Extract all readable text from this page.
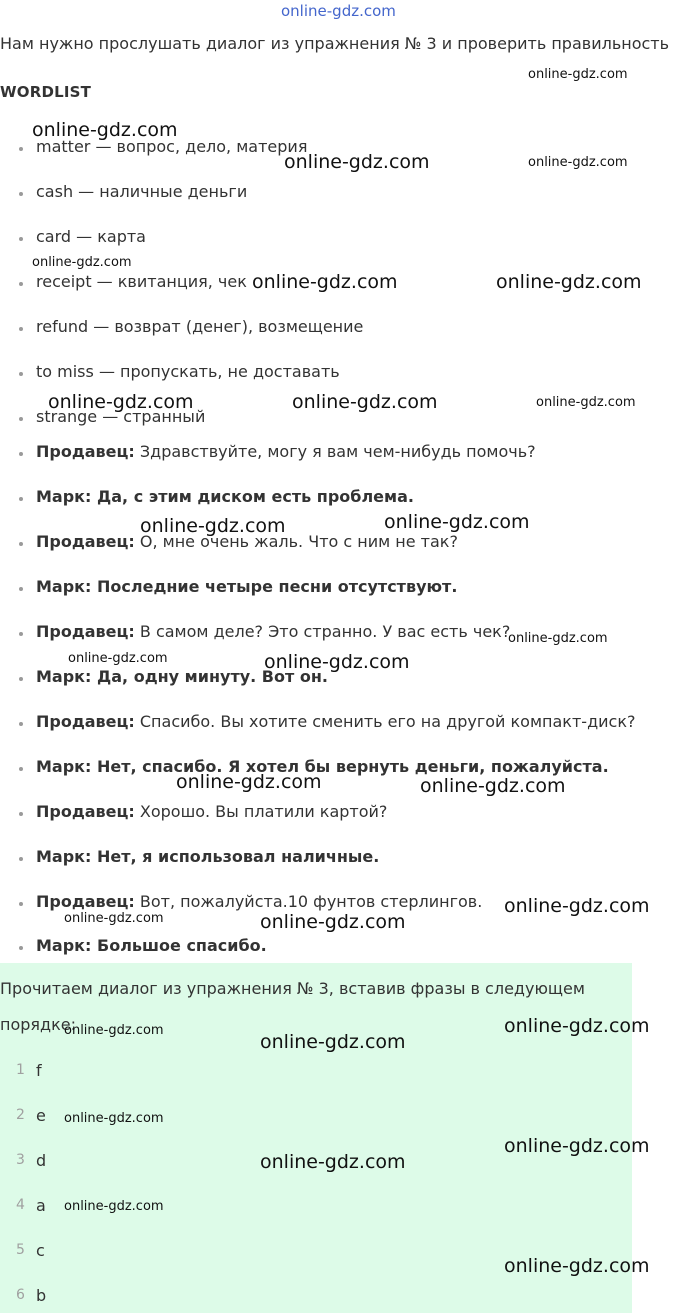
online-gdz.com
Нам нужно прослушать диалог из упражнения № 3 и проверить правильность
WORDLIST
matter — вопрос, дело, материя
cash — наличные деньги
card — карта
receipt — квитанция, чек
refund — возврат (денег), возмещение
to miss — пропускать, не доставать
strange — странный
Продавец: Здравствуйте, могу я вам чем-нибудь помочь?
Марк: Да, с этим диском есть проблема.
Продавец: О, мне очень жаль. Что с ним не так?
Марк: Последние четыре песни отсутствуют.
Продавец: В самом деле? Это странно. У вас есть чек?
Марк: Да, одну минуту. Вот он.
Продавец: Спасибо. Вы хотите сменить его на другой компакт-диск?
Марк: Нет, спасибо. Я хотел бы вернуть деньги, пожалуйста.
Продавец: Хорошо. Вы платили картой?
Марк: Нет, я использовал наличные.
Продавец: Вот, пожалуйста.10 фунтов стерлингов.
Марк: Большое спасибо.
Прочитаем диалог из упражнения № 3, вставив фразы в следующем порядке:
1 f
2 e
3 d
4 a
5 c
6 b
online-gdz.com
online-gdz.com
online-gdz.com	online-gdz.com
online-gdz.com
online-gdz.com	online-gdz.com
online-gdz.com	online-gdz.com	online-gdz.com
online-gdz.com	online-gdz.com
online-gdz.com
online-gdz.com	online-gdz.com
online-gdz.com	online-gdz.com
online-gdz.com
online-gdz.com	online-gdz.com
online-gdz.com	online-gdz.com
online-gdz.com
online-gdz.com
online-gdz.com
online-gdz.com
online-gdz.com
online-gdz.com
